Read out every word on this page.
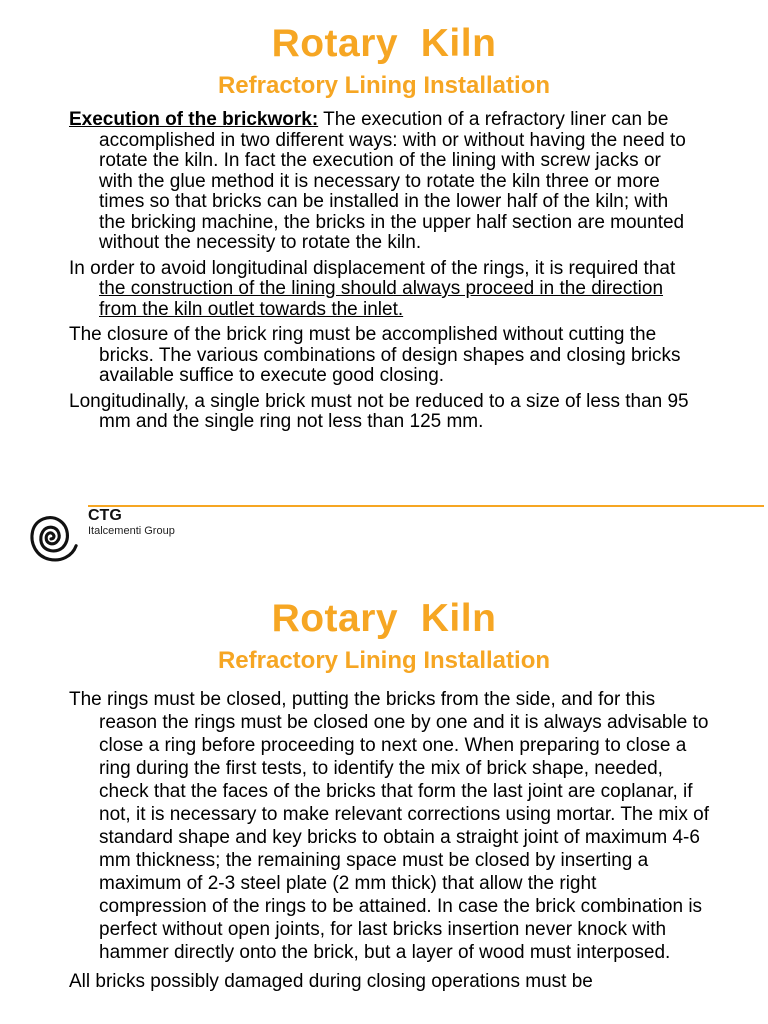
Rotary  Kiln
Refractory Lining Installation

Execution of the brickwork: The execution of a refractory liner can be accomplished in two different ways: with or without having the need to rotate the kiln. In fact the execution of the lining with screw jacks or with the glue method it is necessary to rotate the kiln three or more times so that bricks can be installed in the lower half of the kiln; with the bricking machine, the bricks in the upper half section are mounted without the necessity to rotate the kiln.

In order to avoid longitudinal displacement of the rings, it is required that the construction of the lining should always proceed in the direction from the kiln outlet towards the inlet.

The closure of the brick ring must be accomplished without cutting the bricks. The various combinations of design shapes and closing bricks available suffice to execute good closing.

Longitudinally, a single brick must not be reduced to a size of less than 95 mm and the single ring not less than 125 mm.

CTG
Italcementi Group
Rotary  Kiln
Refractory Lining Installation

The rings must be closed, putting the bricks from the side, and for this reason the rings must be closed one by one and it is always advisable to close a ring before proceeding to next one. When preparing to close a ring during the first tests, to identify the mix of brick shape, needed, check that the faces of the bricks that form the last joint are coplanar, if not, it is necessary to make relevant corrections using mortar. The mix of standard shape and key bricks to obtain a straight joint of maximum 4-6 mm thickness; the remaining space must be closed by inserting a maximum of 2-3 steel plate (2 mm thick) that allow the right compression of the rings to be attained. In case the brick combination is perfect without open joints, for last bricks insertion never knock with hammer directly onto the brick, but a layer of wood must interposed.

All bricks possibly damaged during closing operations must be
